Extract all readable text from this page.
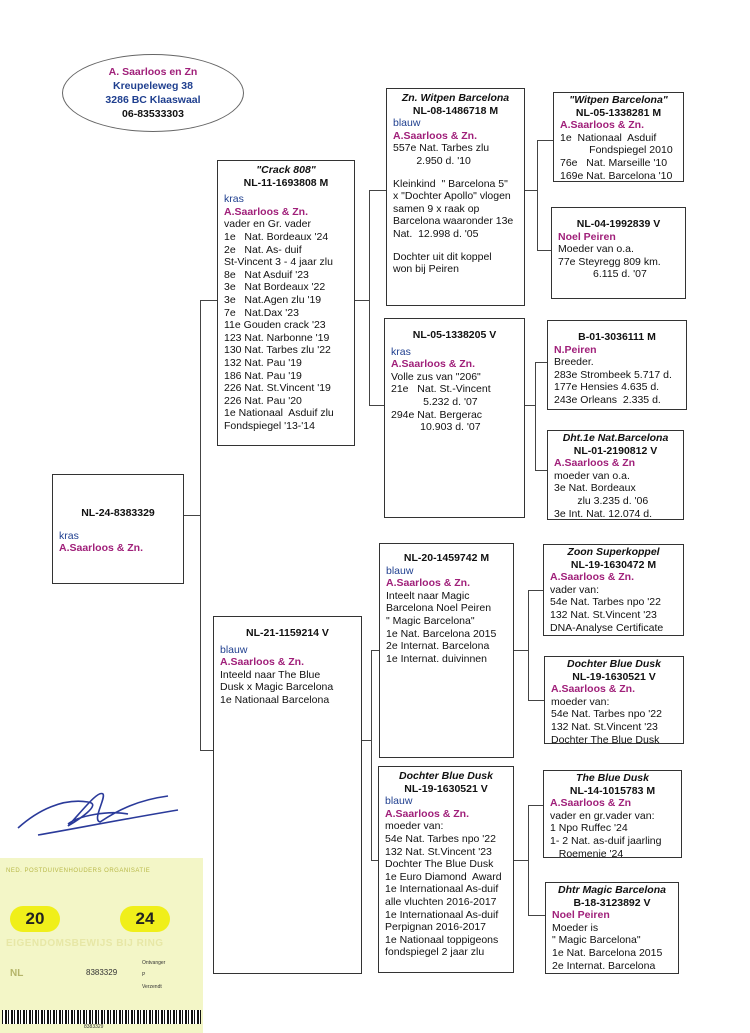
A. Saarloos en Zn
Kreupeleweg 38
3286 BC Klaaswaal
06-83533303
NL-24-8383329
kras
A.Saarloos & Zn.
"Crack 808"
NL-11-1693808 M
kras
A.Saarloos & Zn.
vader en Gr. vader
1e   Nat. Bordeaux '24
2e   Nat. As- duif
St-Vincent 3 - 4 jaar zlu
8e   Nat Asduif '23
3e   Nat Bordeaux '22
3e   Nat.Agen zlu '19
7e   Nat.Dax '23
11e Gouden crack '23
123 Nat. Narbonne '19
130 Nat. Tarbes zlu '22
132 Nat. Pau '19
186 Nat. Pau '19
226 Nat. St.Vincent '19
226 Nat. Pau '20
1e Nationaal  Asduif zlu
Fondspiegel '13-'14
NL-21-1159214 V
blauw
A.Saarloos & Zn.
Inteeld naar The Blue
Dusk x Magic Barcelona
1e Nationaal Barcelona
Zn. Witpen Barcelona
NL-08-1486718 M
blauw
A.Saarloos & Zn.
557e Nat. Tarbes zlu
2.950 d. '10
Kleinkind  " Barcelona 5"
x "Dochter Apollo" vlogen
samen 9 x raak op
Barcelona waaronder 13e
Nat.  12.998 d. '05
Dochter uit dit koppel
won bij Peiren
NL-05-1338205 V
kras
A.Saarloos & Zn.
Volle zus van "206"
21e   Nat. St.-Vincent
5.232 d. '07
294e Nat. Bergerac
10.903 d. '07
NL-20-1459742 M
blauw
A.Saarloos & Zn.
Inteelt naar Magic
Barcelona Noel Peiren
" Magic Barcelona"
1e Nat. Barcelona 2015
2e Internat. Barcelona
1e Internat. duivinnen
Dochter Blue Dusk
NL-19-1630521 V
blauw
A.Saarloos & Zn.
moeder van:
54e Nat. Tarbes npo '22
132 Nat. St.Vincent '23
Dochter The Blue Dusk
1e Euro Diamond  Award
1e Internationaal As-duif
alle vluchten 2016-2017
1e Internationaal As-duif
Perpignan 2016-2017
1e Nationaal toppigeons
fondspiegel 2 jaar zlu
"Witpen Barcelona"
NL-05-1338281 M
A.Saarloos & Zn.
1e  Nationaal  Asduif
Fondspiegel 2010
76e   Nat. Marseille '10
169e Nat. Barcelona '10
NL-04-1992839 V
Noel Peiren
Moeder van o.a.
77e Steyregg 809 km.
6.115 d. '07
B-01-3036111 M
N.Peiren
Breeder.
283e Strombeek 5.717 d.
177e Hensies 4.635 d.
243e Orleans  2.335 d.
Dht.1e Nat.Barcelona
NL-01-2190812 V
A.Saarloos & Zn
moeder van o.a.
3e Nat. Bordeaux
zlu 3.235 d. '06
3e Int. Nat. 12.074 d.
Zoon Superkoppel
NL-19-1630472 M
A.Saarloos & Zn.
vader van:
54e Nat. Tarbes npo '22
132 Nat. St.Vincent '23
DNA-Analyse Certificate
Dochter Blue Dusk
NL-19-1630521 V
A.Saarloos & Zn.
moeder van:
54e Nat. Tarbes npo '22
132 Nat. St.Vincent '23
Dochter The Blue Dusk
The Blue Dusk
NL-14-1015783 M
A.Saarloos & Zn
vader en gr.vader van:
1 Npo Ruffec '24
1- 2 Nat. as-duif jaarling
Roemenie '24
Dhtr Magic Barcelona
B-18-3123892 V
Noel Peiren
Moeder is
" Magic Barcelona"
1e Nat. Barcelona 2015
2e Internat. Barcelona
NED. POSTDUIVENHOUDERS ORGANISATIE
20	24
EIGENDOMSBEWIJS BIJ RING
NL	8383329
Ontvanger
P
Verzendt
8383329
